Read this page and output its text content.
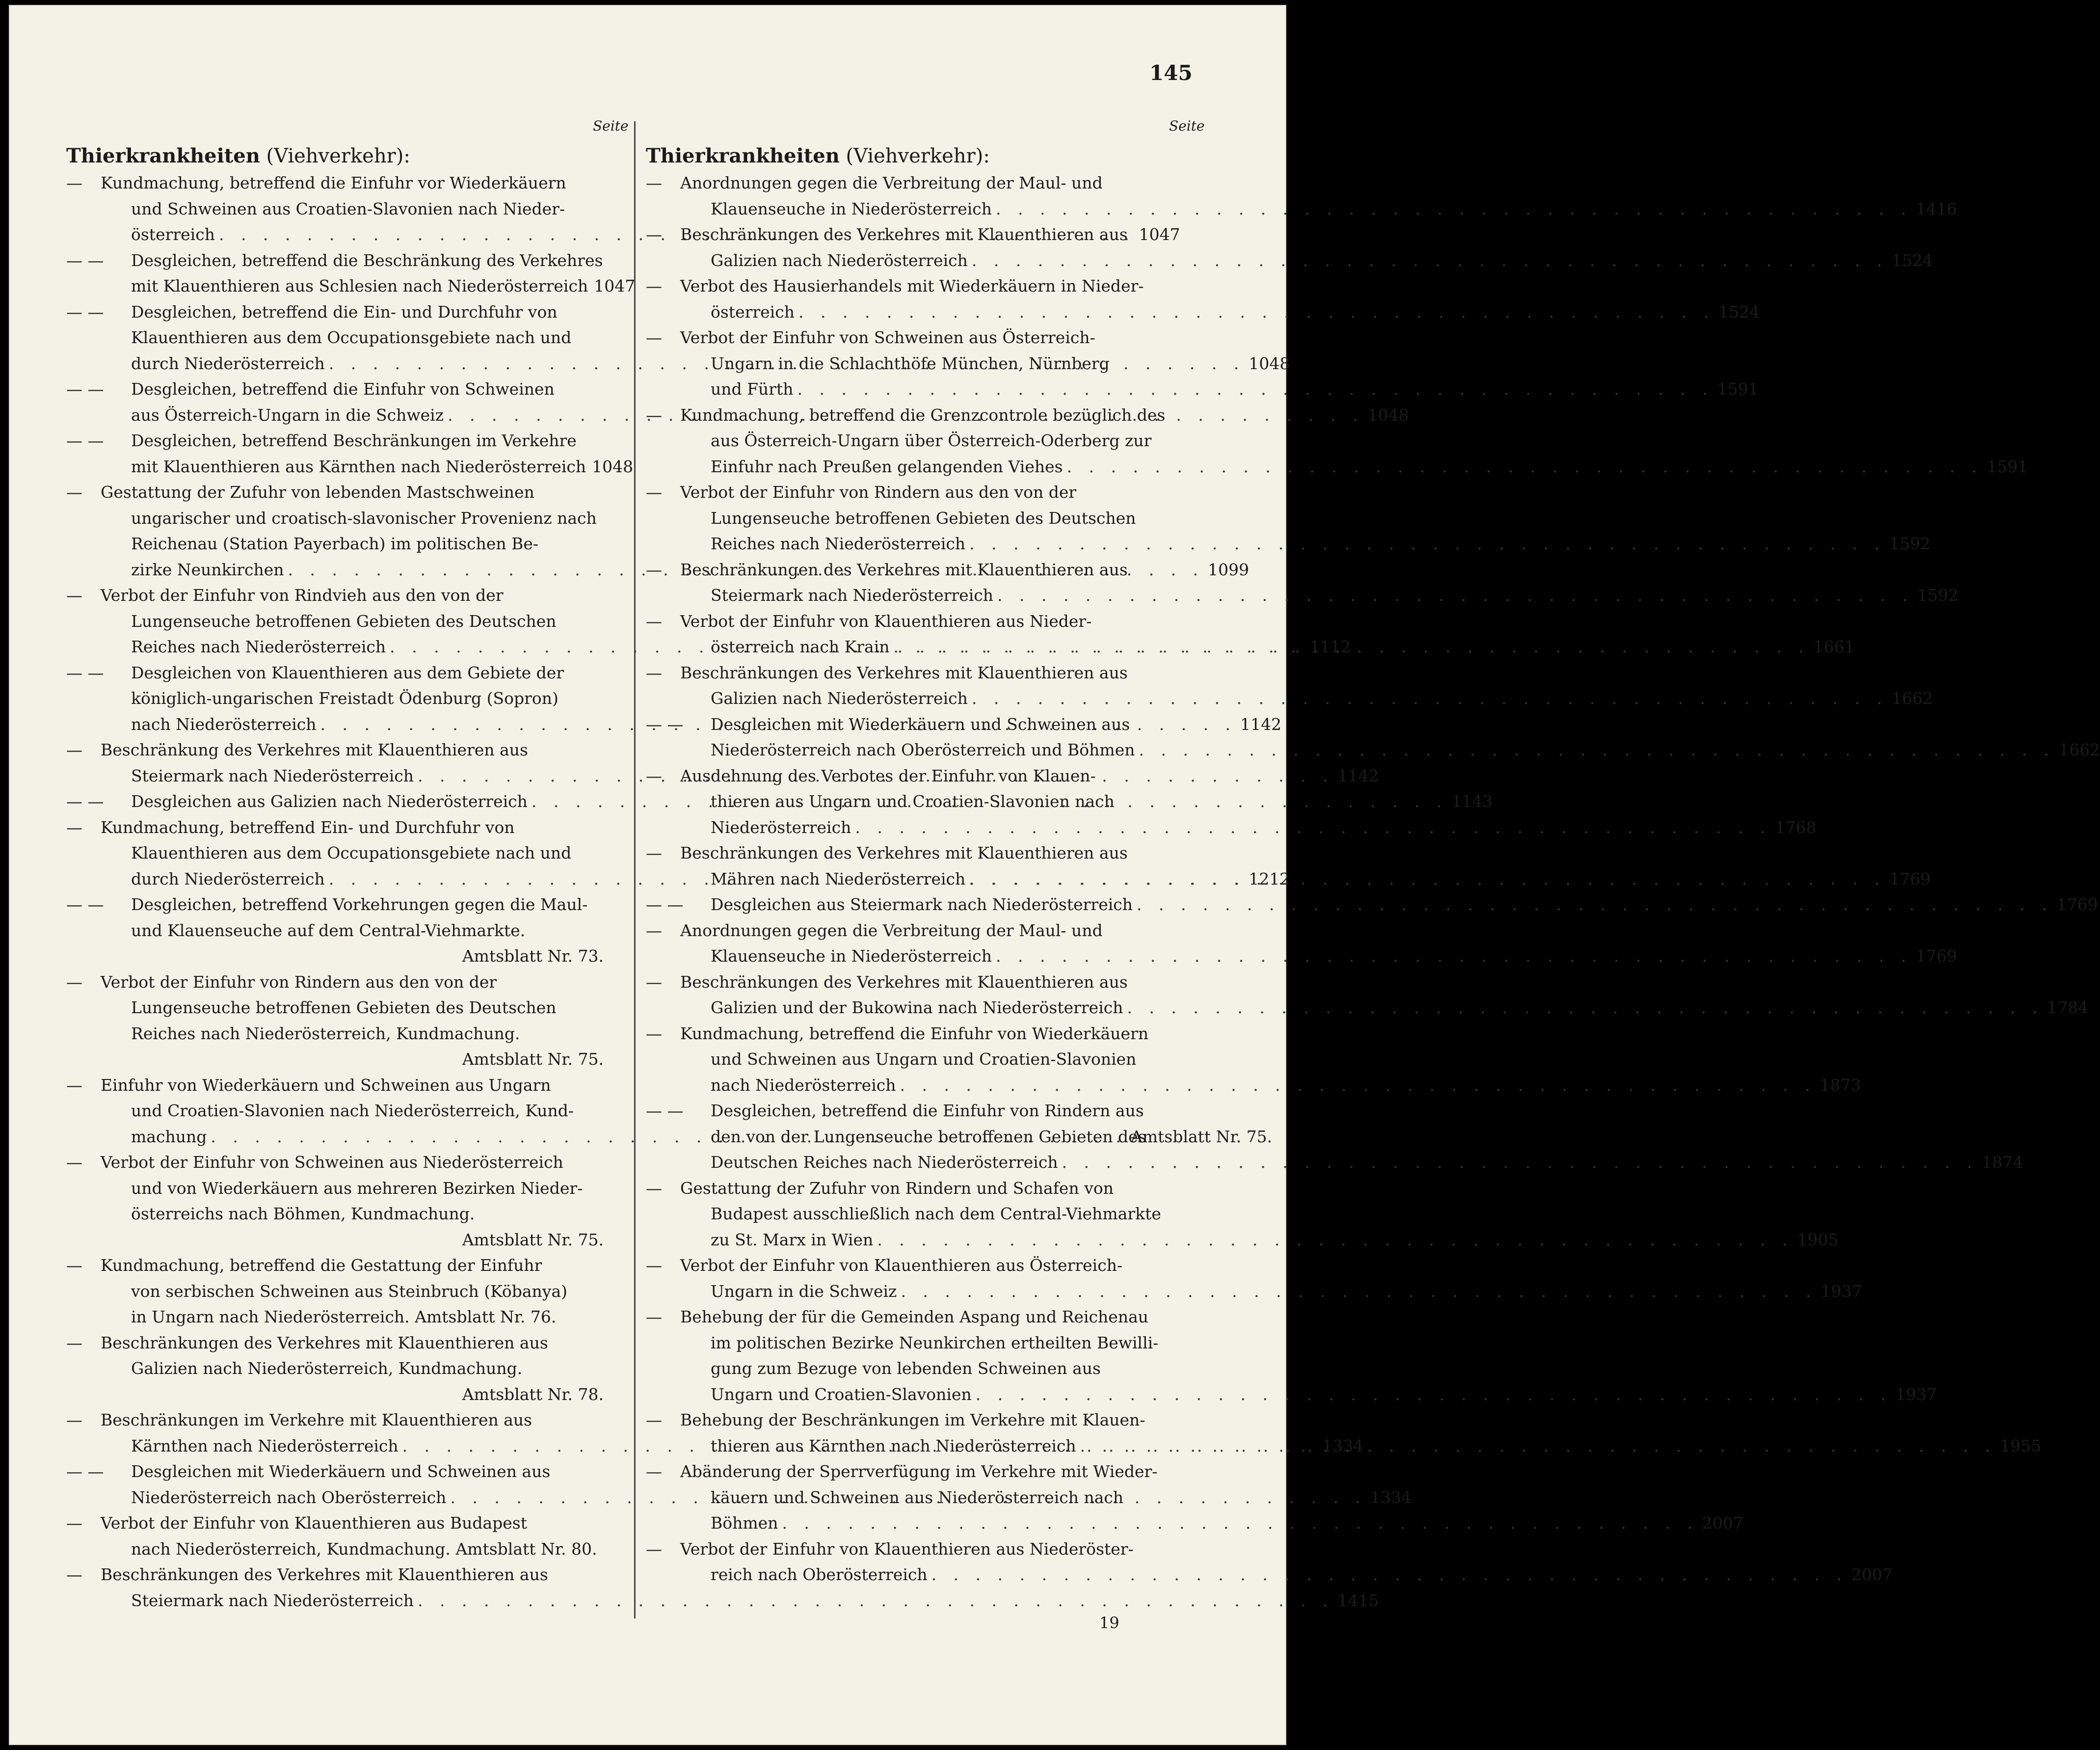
145
Seite	Seite
Thierkrankheiten (Viehverkehr):
— Kundmachung, betreffend die Einfuhr vor Wiederkäuern
und Schweinen aus Croatien-Slavonien nach Nieder-
österreich . . .	1047
— — Desgleichen, betreffend die Beschränkung des Verkehres
mit Klauenthieren aus Schlesien nach Niederösterreich 1047
— — Desgleichen, betreffend die Ein- und Durchfuhr von
Klauenthieren aus dem Occupationsgebiete nach und
durch Niederösterreich . . .	1048
— — Desgleichen, betreffend die Einfuhr von Schweinen
aus Österreich-Ungarn in die Schweiz . . .	1048
— — Desgleichen, betreffend Beschränkungen im Verkehre
mit Klauenthieren aus Kärnthen nach Niederösterreich 1048
— Gestattung der Zufuhr von lebenden Mastschweinen
ungarischer und croatisch-slavonischer Provenienz nach
Reichenau (Station Payerbach) im politischen Be-
zirke Neunkirchen . . .	1099
— Verbot der Einfuhr von Rindvieh aus den von der
Lungenseuche betroffenen Gebieten des Deutschen
Reiches nach Niederösterreich . . .	1112
— — Desgleichen von Klauenthieren aus dem Gebiete der
königlich-ungarischen Freistadt Ödenburg (Sopron)
nach Niederösterreich . . .	1142
— Beschränkung des Verkehres mit Klauenthieren aus
Steiermark nach Niederösterreich . . .	1142
— —	Desgleichen aus Galizien nach Niederösterreich . . .	1143
— Kundmachung, betreffend Ein- und Durchfuhr von
Klauenthieren aus dem Occupationsgebiete nach und
durch Niederösterreich . . .	1212
— — Desgleichen, betreffend Vorkehrungen gegen die Maul-
und Klauenseuche auf dem Central-Viehmarkte.
Amtsblatt Nr. 73.
— Verbot der Einfuhr von Rindern aus den von der
Lungenseuche betroffenen Gebieten des Deutschen
Reiches nach Niederösterreich, Kundmachung.
Amtsblatt Nr. 75.
— Einfuhr von Wiederkäuern und Schweinen aus Ungarn
und Croatien-Slavonien nach Niederösterreich, Kund-
machung . . .	Amtsblatt Nr. 75.
— Verbot der Einfuhr von Schweinen aus Niederösterreich
und von Wiederkäuern aus mehreren Bezirken Nieder-
österreichs nach Böhmen, Kundmachung.
Amtsblatt Nr. 75.
— Kundmachung, betreffend die Gestattung der Einfuhr
von serbischen Schweinen aus Steinbruch (Köbanya)
in Ungarn nach Niederösterreich. Amtsblatt Nr. 76.
— Beschränkungen des Verkehres mit Klauenthieren aus
Galizien nach Niederösterreich, Kundmachung.
Amtsblatt Nr. 78.
— Beschränkungen im Verkehre mit Klauenthieren aus
Kärnthen nach Niederösterreich . . .	1334
— — Desgleichen mit Wiederkäuern und Schweinen aus
Niederösterreich nach Oberösterreich . . .	1334
— Verbot der Einfuhr von Klauenthieren aus Budapest
nach Niederösterreich, Kundmachung. Amtsblatt Nr. 80.
— Beschränkungen des Verkehres mit Klauenthieren aus
Steiermark nach Niederösterreich . . .	1415
Thierkrankheiten (Viehverkehr):
— Anordnungen gegen die Verbreitung der Maul- und
Klauenseuche in Niederösterreich . . .	1416
— Beschränkungen des Verkehres mit Klauenthieren aus
Galizien nach Niederösterreich . . .	1524
— Verbot des Hausierhandels mit Wiederkäuern in Nieder-
österreich . . .	1524
— Verbot der Einfuhr von Schweinen aus Österreich-
Ungarn in die Schlachthöfe München, Nürnberg
und Fürth . . .	1591
— Kundmachung, betreffend die Grenzcontrole bezüglich des
aus Österreich-Ungarn über Österreich-Oderberg zur
Einfuhr nach Preußen gelangenden Viehes . . .	1591
— Verbot der Einfuhr von Rindern aus den von der
Lungenseuche betroffenen Gebieten des Deutschen
Reiches nach Niederösterreich . . .	1592
— Beschränkungen des Verkehres mit Klauenthieren aus
Steiermark nach Niederösterreich . . .	1592
— Verbot der Einfuhr von Klauenthieren aus Nieder-
österreich nach Krain . . .	1661
— Beschränkungen des Verkehres mit Klauenthieren aus
Galizien nach Niederösterreich . . .	1662
— — Desgleichen mit Wiederkäuern und Schweinen aus
Niederösterreich nach Oberösterreich und Böhmen . . .	1662
— Ausdehnung des Verbotes der Einfuhr von Klauen-
thieren aus Ungarn und Croatien-Slavonien nach
Niederösterreich . . .	1768
— Beschränkungen des Verkehres mit Klauenthieren aus
Mähren nach Niederösterreich . . .	1769
— —	Desgleichen aus Steiermark nach Niederösterreich . . .	1769
— Anordnungen gegen die Verbreitung der Maul- und
Klauenseuche in Niederösterreich . . .	1769
— Beschränkungen des Verkehres mit Klauenthieren aus
Galizien und der Bukowina nach Niederösterreich . . .	1784
— Kundmachung, betreffend die Einfuhr von Wiederkäuern
und Schweinen aus Ungarn und Croatien-Slavonien
nach Niederösterreich . . .	1873
— — Desgleichen, betreffend die Einfuhr von Rindern aus
den von der Lungenseuche betroffenen Gebieten des
Deutschen Reiches nach Niederösterreich . . .	1874
— Gestattung der Zufuhr von Rindern und Schafen von
Budapest ausschließlich nach dem Central-Viehmarkte
zu St. Marx in Wien . . .	1905
— Verbot der Einfuhr von Klauenthieren aus Österreich-
Ungarn in die Schweiz . . .	1937
— Behebung der für die Gemeinden Aspang und Reichenau
im politischen Bezirke Neunkirchen ertheilten Bewilli-
gung zum Bezuge von lebenden Schweinen aus
Ungarn und Croatien-Slavonien . . .	1937
— Behebung der Beschränkungen im Verkehre mit Klauen-
thieren aus Kärnthen nach Niederösterreich . . .	1955
— Abänderung der Sperrverfügung im Verkehre mit Wieder-
käuern und Schweinen aus Niederösterreich nach
Böhmen . . .	2007
— Verbot der Einfuhr von Klauenthieren aus Niederöster-
reich nach Oberösterreich . . .	2007
19
